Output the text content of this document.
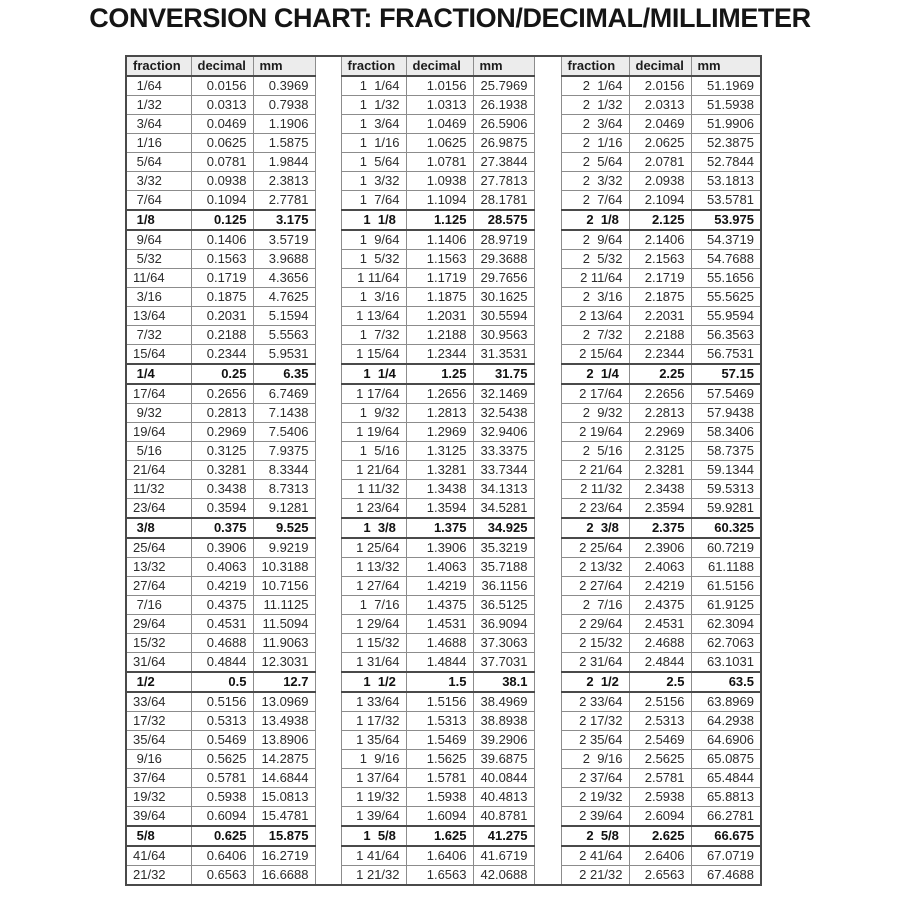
CONVERSION CHART: FRACTION/DECIMAL/MILLIMETER
fraction	decimal	mm		fraction	decimal	mm		fraction	decimal	mm
1/64	0.0156	0.3969		1  1/64	1.0156	25.7969		2  1/64	2.0156	51.1969
1/32	0.0313	0.7938		1  1/32	1.0313	26.1938		2  1/32	2.0313	51.5938
3/64	0.0469	1.1906		1  3/64	1.0469	26.5906		2  3/64	2.0469	51.9906
1/16	0.0625	1.5875		1  1/16	1.0625	26.9875		2  1/16	2.0625	52.3875
5/64	0.0781	1.9844		1  5/64	1.0781	27.3844		2  5/64	2.0781	52.7844
3/32	0.0938	2.3813		1  3/32	1.0938	27.7813		2  3/32	2.0938	53.1813
7/64	0.1094	2.7781		1  7/64	1.1094	28.1781		2  7/64	2.1094	53.5781
1/8	0.125	3.175		1  1/8	1.125	28.575		2  1/8	2.125	53.975
9/64	0.1406	3.5719		1  9/64	1.1406	28.9719		2  9/64	2.1406	54.3719
5/32	0.1563	3.9688		1  5/32	1.1563	29.3688		2  5/32	2.1563	54.7688
11/64	0.1719	4.3656		1 11/64	1.1719	29.7656		2 11/64	2.1719	55.1656
3/16	0.1875	4.7625		1  3/16	1.1875	30.1625		2  3/16	2.1875	55.5625
13/64	0.2031	5.1594		1 13/64	1.2031	30.5594		2 13/64	2.2031	55.9594
7/32	0.2188	5.5563		1  7/32	1.2188	30.9563		2  7/32	2.2188	56.3563
15/64	0.2344	5.9531		1 15/64	1.2344	31.3531		2 15/64	2.2344	56.7531
1/4	0.25	6.35		1  1/4	1.25	31.75		2  1/4	2.25	57.15
17/64	0.2656	6.7469		1 17/64	1.2656	32.1469		2 17/64	2.2656	57.5469
9/32	0.2813	7.1438		1  9/32	1.2813	32.5438		2  9/32	2.2813	57.9438
19/64	0.2969	7.5406		1 19/64	1.2969	32.9406		2 19/64	2.2969	58.3406
5/16	0.3125	7.9375		1  5/16	1.3125	33.3375		2  5/16	2.3125	58.7375
21/64	0.3281	8.3344		1 21/64	1.3281	33.7344		2 21/64	2.3281	59.1344
11/32	0.3438	8.7313		1 11/32	1.3438	34.1313		2 11/32	2.3438	59.5313
23/64	0.3594	9.1281		1 23/64	1.3594	34.5281		2 23/64	2.3594	59.9281
3/8	0.375	9.525		1  3/8	1.375	34.925		2  3/8	2.375	60.325
25/64	0.3906	9.9219		1 25/64	1.3906	35.3219		2 25/64	2.3906	60.7219
13/32	0.4063	10.3188		1 13/32	1.4063	35.7188		2 13/32	2.4063	61.1188
27/64	0.4219	10.7156		1 27/64	1.4219	36.1156		2 27/64	2.4219	61.5156
7/16	0.4375	11.1125		1  7/16	1.4375	36.5125		2  7/16	2.4375	61.9125
29/64	0.4531	11.5094		1 29/64	1.4531	36.9094		2 29/64	2.4531	62.3094
15/32	0.4688	11.9063		1 15/32	1.4688	37.3063		2 15/32	2.4688	62.7063
31/64	0.4844	12.3031		1 31/64	1.4844	37.7031		2 31/64	2.4844	63.1031
1/2	0.5	12.7		1  1/2	1.5	38.1		2  1/2	2.5	63.5
33/64	0.5156	13.0969		1 33/64	1.5156	38.4969		2 33/64	2.5156	63.8969
17/32	0.5313	13.4938		1 17/32	1.5313	38.8938		2 17/32	2.5313	64.2938
35/64	0.5469	13.8906		1 35/64	1.5469	39.2906		2 35/64	2.5469	64.6906
9/16	0.5625	14.2875		1  9/16	1.5625	39.6875		2  9/16	2.5625	65.0875
37/64	0.5781	14.6844		1 37/64	1.5781	40.0844		2 37/64	2.5781	65.4844
19/32	0.5938	15.0813		1 19/32	1.5938	40.4813		2 19/32	2.5938	65.8813
39/64	0.6094	15.4781		1 39/64	1.6094	40.8781		2 39/64	2.6094	66.2781
5/8	0.625	15.875		1  5/8	1.625	41.275		2  5/8	2.625	66.675
41/64	0.6406	16.2719		1 41/64	1.6406	41.6719		2 41/64	2.6406	67.0719
21/32	0.6563	16.6688		1 21/32	1.6563	42.0688		2 21/32	2.6563	67.4688
